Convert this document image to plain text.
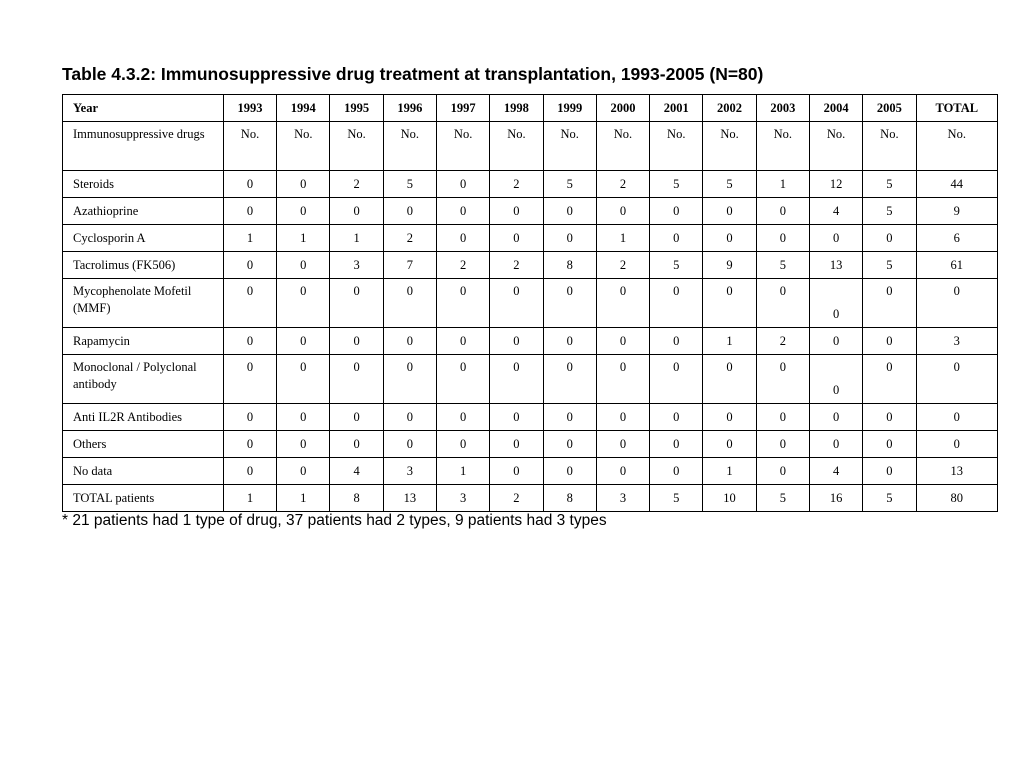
Table 4.3.2: Immunosuppressive drug treatment at transplantation, 1993-2005 (N=80)
Year	1993	1994	1995	1996	1997	1998	1999	2000	2001	2002	2003	2004	2005	TOTAL
Immunosuppressive drugs	No.	No.	No.	No.	No.	No.	No.	No.	No.	No.	No.	No.	No.	No.
Steroids	0	0	2	5	0	2	5	2	5	5	1	12	5	44
Azathioprine	0	0	0	0	0	0	0	0	0	0	0	4	5	9
Cyclosporin A	1	1	1	2	0	0	0	1	0	0	0	0	0	6
Tacrolimus (FK506)	0	0	3	7	2	2	8	2	5	9	5	13	5	61
Mycophenolate Mofetil (MMF)	0	0	0	0	0	0	0	0	0	0	0	0	0	0
Rapamycin	0	0	0	0	0	0	0	0	0	1	2	0	0	3
Monoclonal / Polyclonal antibody	0	0	0	0	0	0	0	0	0	0	0	0	0	0
Anti IL2R Antibodies	0	0	0	0	0	0	0	0	0	0	0	0	0	0
Others	0	0	0	0	0	0	0	0	0	0	0	0	0	0
No data	0	0	4	3	1	0	0	0	0	1	0	4	0	13
TOTAL patients	1	1	8	13	3	2	8	3	5	10	5	16	5	80
* 21 patients had 1 type of drug, 37 patients had 2 types, 9 patients had 3 types
